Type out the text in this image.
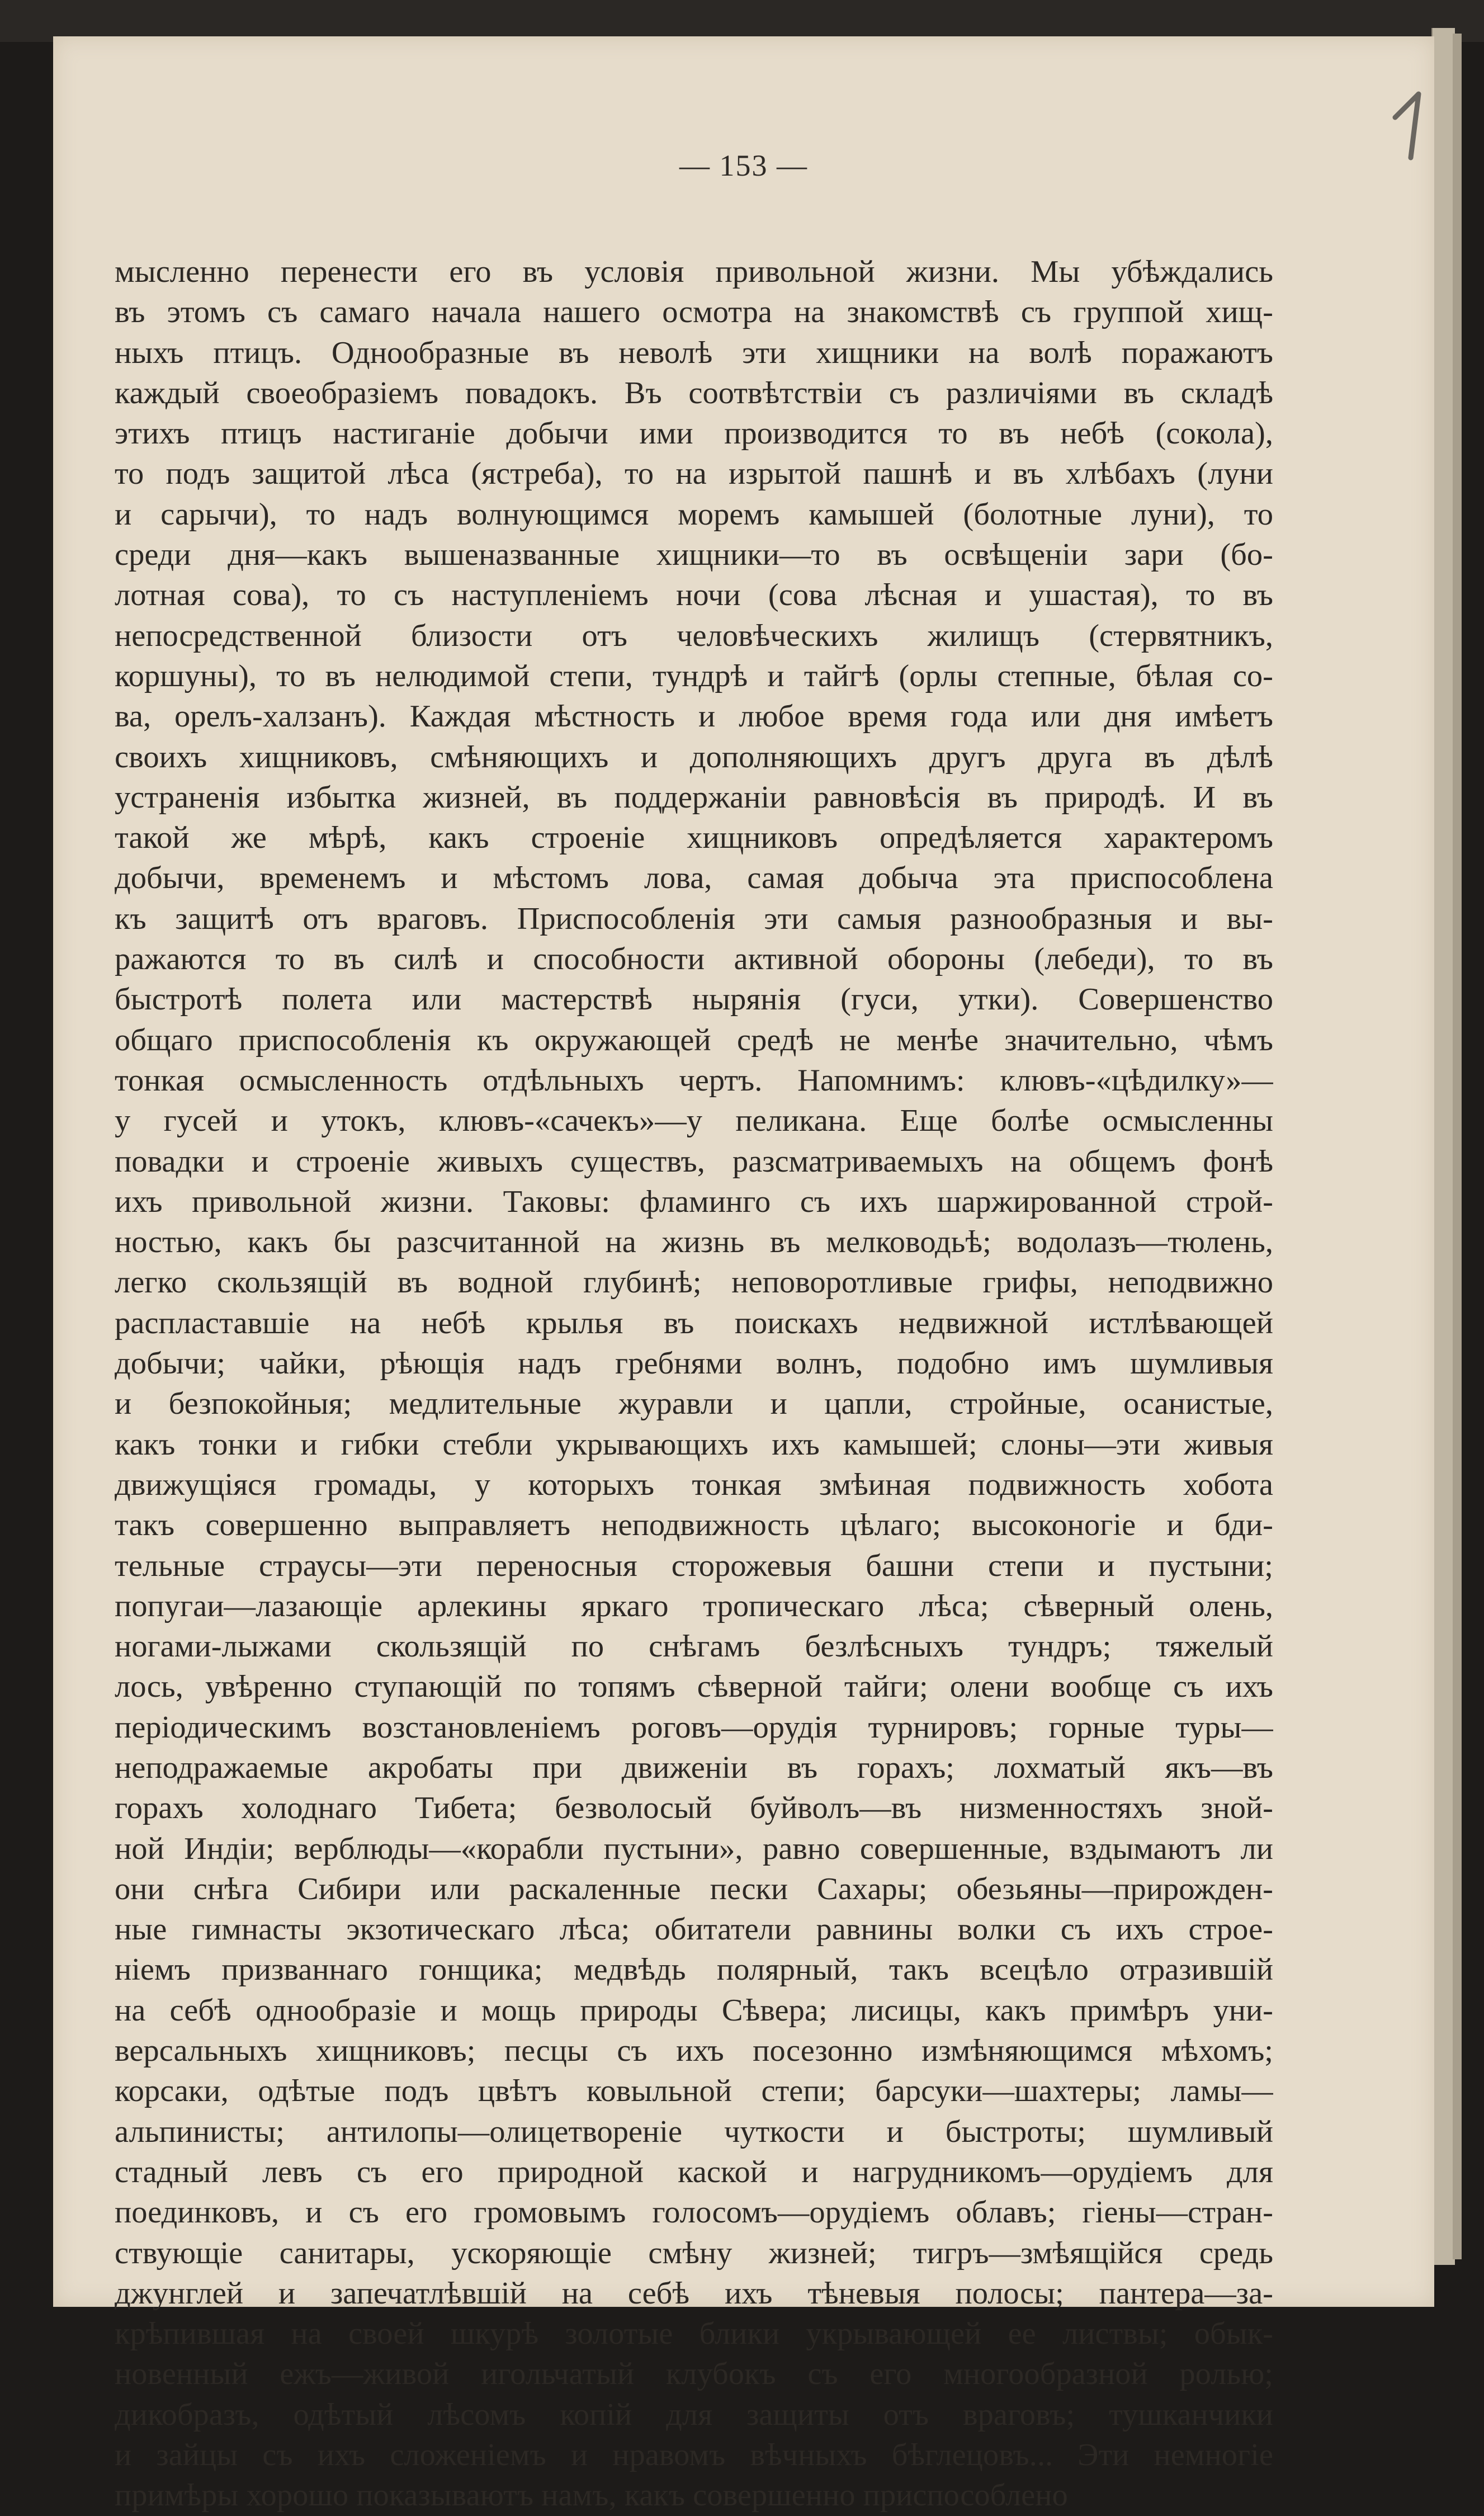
— 153 —
мысленно перенести его въ условія привольной жизни. Мы убѣждались
въ этомъ съ самаго начала нашего осмотра на знакомствѣ съ группой хищ-
ныхъ птицъ. Однообразные въ неволѣ эти хищники на волѣ поражаютъ
каждый своеобразіемъ повадокъ. Въ соотвѣтствіи съ различіями въ складѣ
этихъ птицъ настиганіе добычи ими производится то въ небѣ (сокола),
то подъ защитой лѣса (ястреба), то на изрытой пашнѣ и въ хлѣбахъ (луни
и сарычи), то надъ волнующимся моремъ камышей (болотные луни), то
среди дня—какъ вышеназванные хищники—то въ освѣщеніи зари (бо-
лотная сова), то съ наступленіемъ ночи (сова лѣсная и ушастая), то въ
непосредственной близости отъ человѣческихъ жилищъ (стервятникъ,
коршуны), то въ нелюдимой степи, тундрѣ и тайгѣ (орлы степные, бѣлая со-
ва, орелъ-халзанъ). Каждая мѣстность и любое время года или дня имѣетъ
своихъ хищниковъ, смѣняющихъ и дополняющихъ другъ друга въ дѣлѣ
устраненія избытка жизней, въ поддержаніи равновѣсія въ природѣ. И въ
такой же мѣрѣ, какъ строеніе хищниковъ опредѣляется характеромъ
добычи, временемъ и мѣстомъ лова, самая добыча эта приспособлена
къ защитѣ отъ враговъ. Приспособленія эти самыя разнообразныя и вы-
ражаются то въ силѣ и способности активной обороны (лебеди), то въ
быстротѣ полета или мастерствѣ нырянія (гуси, утки). Совершенство
общаго приспособленія къ окружающей средѣ не менѣе значительно, чѣмъ
тонкая осмысленность отдѣльныхъ чертъ. Напомнимъ: клювъ-«цѣдилку»—
у гусей и утокъ, клювъ-«сачекъ»—у пеликана. Еще болѣе осмысленны
повадки и строеніе живыхъ существъ, разсматриваемыхъ на общемъ фонѣ
ихъ привольной жизни. Таковы: фламинго съ ихъ шаржированной строй-
ностью, какъ бы разсчитанной на жизнь въ мелководьѣ; водолазъ—тюлень,
легко скользящій въ водной глубинѣ; неповоротливые грифы, неподвижно
распластавшіе на небѣ крылья въ поискахъ недвижной истлѣвающей
добычи; чайки, рѣющія надъ гребнями волнъ, подобно имъ шумливыя
и безпокойныя; медлительные журавли и цапли, стройные, осанистые,
какъ тонки и гибки стебли укрывающихъ ихъ камышей; слоны—эти живыя
движущіяся громады, у которыхъ тонкая змѣиная подвижность хобота
такъ совершенно выправляетъ неподвижность цѣлаго; высоконогіе и бди-
тельные страусы—эти переносныя сторожевыя башни степи и пустыни;
попугаи—лазающіе арлекины яркаго тропическаго лѣса; сѣверный олень,
ногами-лыжами скользящій по снѣгамъ безлѣсныхъ тундръ; тяжелый
лось, увѣренно ступающій по топямъ сѣверной тайги; олени вообще съ ихъ
періодическимъ возстановленіемъ роговъ—орудія турнировъ; горные туры—
неподражаемые акробаты при движеніи въ горахъ; лохматый якъ—въ
горахъ холоднаго Тибета; безволосый буйволъ—въ низменностяхъ зной-
ной Индіи; верблюды—«корабли пустыни», равно совершенные, вздымаютъ ли
они снѣга Сибири или раскаленные пески Сахары; обезьяны—прирожден-
ные гимнасты экзотическаго лѣса; обитатели равнины волки съ ихъ строе-
ніемъ призваннаго гонщика; медвѣдь полярный, такъ всецѣло отразившій
на себѣ однообразіе и мощь природы Сѣвера; лисицы, какъ примѣръ уни-
версальныхъ хищниковъ; песцы съ ихъ посезонно измѣняющимся мѣхомъ;
корсаки, одѣтые подъ цвѣтъ ковыльной степи; барсуки—шахтеры; ламы—
альпинисты; антилопы—олицетвореніе чуткости и быстроты; шумливый
стадный левъ съ его природной каской и нагрудникомъ—орудіемъ для
поединковъ, и съ его громовымъ голосомъ—орудіемъ облавъ; гіены—стран-
ствующіе санитары, ускоряющіе смѣну жизней; тигръ—змѣящійся средь
джунглей и запечатлѣвшій на себѣ ихъ тѣневыя полосы; пантера—за-
крѣпившая на своей шкурѣ золотые блики укрывающей ее листвы; обык-
новенный ежъ—живой игольчатый клубокъ съ его многообразной ролью;
дикобразъ, одѣтый лѣсомъ копій для защиты отъ враговъ; тушканчики
и зайцы съ ихъ сложеніемъ и нравомъ вѣчныхъ бѣглецовъ... Эти немногіе
примѣры хорошо показываютъ намъ, какъ совершенно приспособлено
